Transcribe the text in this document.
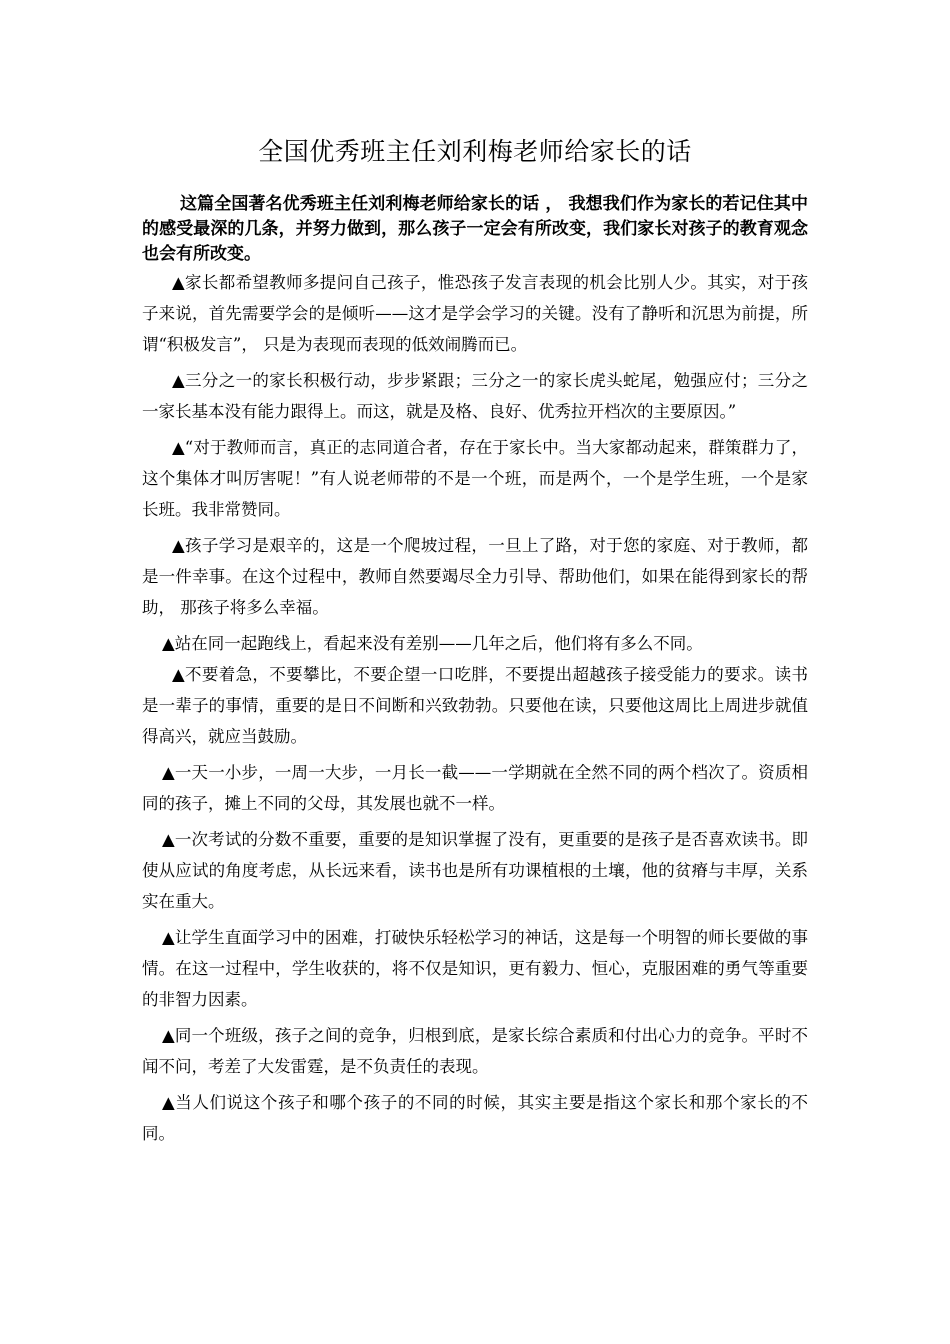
全国优秀班主任刘利梅老师给家长的话

这篇全国著名优秀班主任刘利梅老师给家长的话 ， 我想我们作为家长的若记住其中的感受最深的几条，并努力做到，那么孩子一定会有所改变，我们家长对孩子的教育观念也会有所改变。

▲家长都希望教师多提问自己孩子，惟恐孩子发言表现的机会比别人少。其实，对于孩子来说，首先需要学会的是倾听——这才是学会学习的关键。没有了静听和沉思为前提，所谓“积极发言”， 只是为表现而表现的低效闹腾而已。

▲三分之一的家长积极行动，步步紧跟；三分之一的家长虎头蛇尾，勉强应付；三分之一家长基本没有能力跟得上。而这，就是及格、良好、优秀拉开档次的主要原因。”

▲“对于教师而言，真正的志同道合者，存在于家长中。当大家都动起来，群策群力了，这个集体才叫厉害呢！”有人说老师带的不是一个班，而是两个，一个是学生班，一个是家长班。我非常赞同。

▲孩子学习是艰辛的，这是一个爬坡过程，一旦上了路，对于您的家庭、对于教师，都是一件幸事。在这个过程中，教师自然要竭尽全力引导、帮助他们，如果在能得到家长的帮助， 那孩子将多么幸福。

▲站在同一起跑线上，看起来没有差别——几年之后，他们将有多么不同。

▲不要着急，不要攀比，不要企望一口吃胖，不要提出超越孩子接受能力的要求。读书是一辈子的事情，重要的是日不间断和兴致勃勃。只要他在读，只要他这周比上周进步就值得高兴，就应当鼓励。

▲一天一小步，一周一大步，一月长一截——一学期就在全然不同的两个档次了。资质相同的孩子，摊上不同的父母，其发展也就不一样。

▲一次考试的分数不重要，重要的是知识掌握了没有，更重要的是孩子是否喜欢读书。即使从应试的角度考虑，从长远来看，读书也是所有功课植根的土壤，他的贫瘠与丰厚，关系实在重大。

▲让学生直面学习中的困难，打破快乐轻松学习的神话，这是每一个明智的师长要做的事情。在这一过程中，学生收获的，将不仅是知识，更有毅力、恒心，克服困难的勇气等重要的非智力因素。

▲同一个班级，孩子之间的竞争，归根到底，是家长综合素质和付出心力的竞争。平时不闻不问，考差了大发雷霆，是不负责任的表现。

▲当人们说这个孩子和哪个孩子的不同的时候，其实主要是指这个家长和那个家长的不同。
